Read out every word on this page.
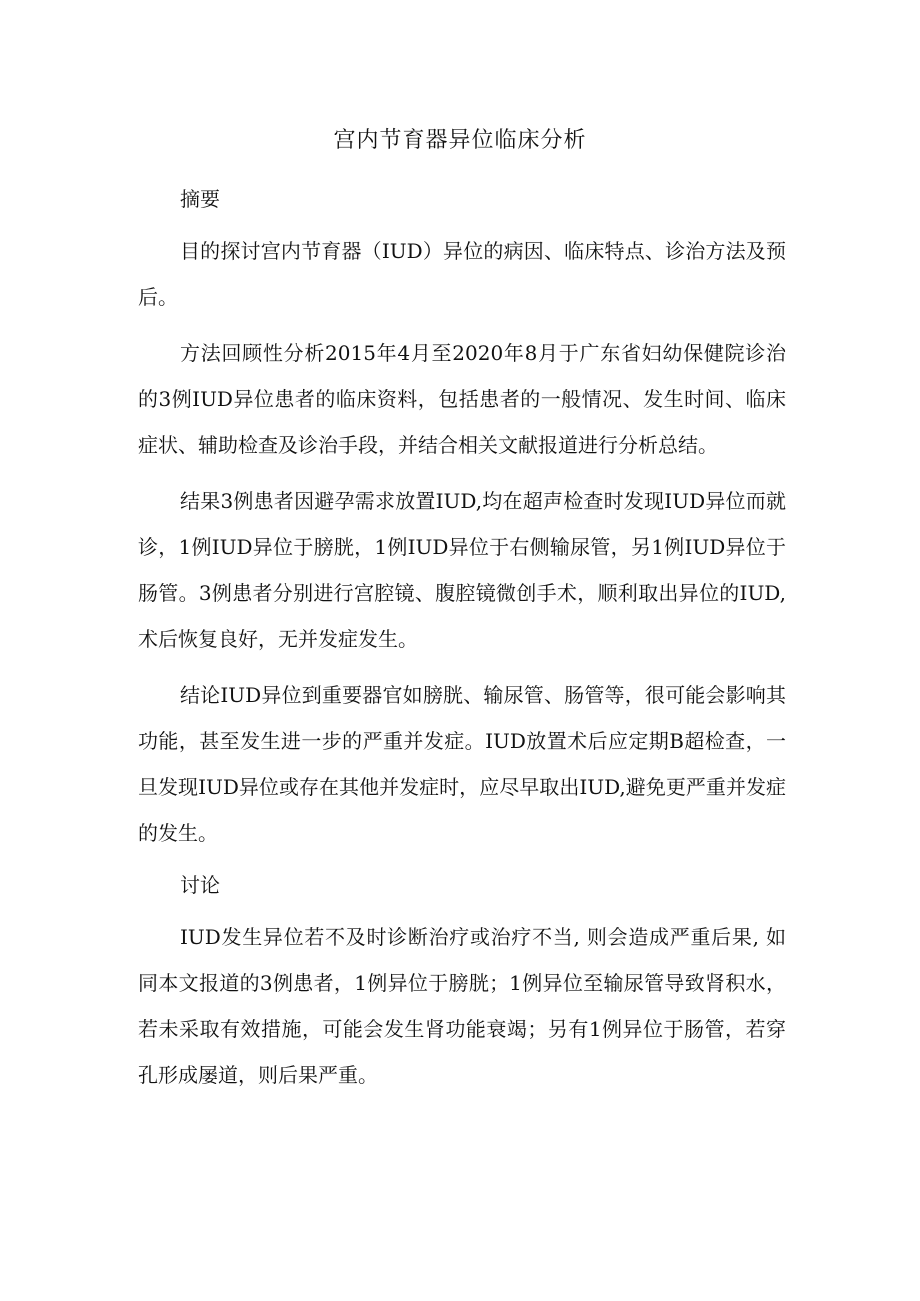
宫内节育器异位临床分析

摘要

目的探讨宫内节育器（IUD）异位的病因、临床特点、诊治方法及预后。

方法回顾性分析2015年4月至2020年8月于广东省妇幼保健院诊治的3例IUD异位患者的临床资料，包括患者的一般情况、发生时间、临床症状、辅助检查及诊治手段，并结合相关文献报道进行分析总结。

结果3例患者因避孕需求放置IUD,均在超声检查时发现IUD异位而就诊，1例IUD异位于膀胱，1例IUD异位于右侧输尿管，另1例IUD异位于肠管。3例患者分别进行宫腔镜、腹腔镜微创手术，顺利取出异位的IUD,术后恢复良好，无并发症发生。

结论IUD异位到重要器官如膀胱、输尿管、肠管等，很可能会影响其功能，甚至发生进一步的严重并发症。IUD放置术后应定期B超检查，一旦发现IUD异位或存在其他并发症时，应尽早取出IUD,避免更严重并发症的发生。

讨论

IUD发生异位若不及时诊断治疗或治疗不当, 则会造成严重后果, 如同本文报道的3例患者，1例异位于膀胱；1例异位至输尿管导致肾积水，若未采取有效措施，可能会发生肾功能衰竭；另有1例异位于肠管，若穿孔形成屡道，则后果严重。
